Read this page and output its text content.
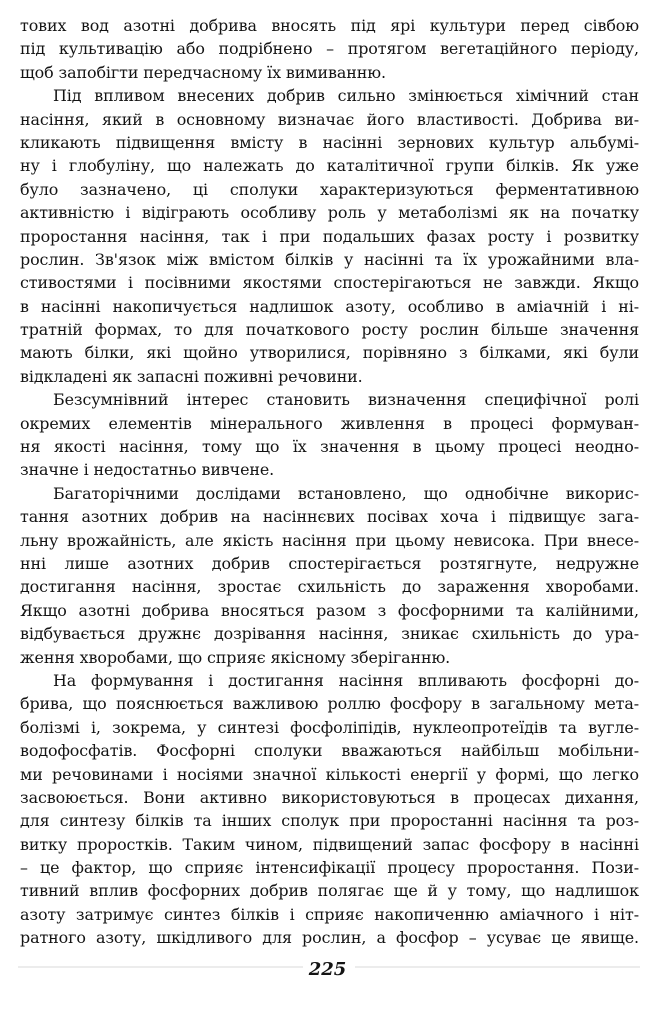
тових вод азотні добрива вносять під ярі культури перед сівбою
під культивацію або подрібнено – протягом вегетаційного періоду,
щоб запобігти передчасному їх вимиванню.
Під впливом внесених добрив сильно змінюється хімічний стан
насіння, який в основному визначає його властивості. Добрива ви-
кликають підвищення вмісту в насінні зернових культур альбумі-
ну і глобуліну, що належать до каталітичної групи білків. Як уже
було зазначено, ці сполуки характеризуються ферментативною
активністю і відіграють особливу роль у метаболізмі як на початку
проростання насіння, так і при подальших фазах росту і розвитку
рослин. Зв'язок між вмістом білків у насінні та їх урожайними вла-
стивостями і посівними якостями спостерігаються не завжди. Якщо
в насінні накопичується надлишок азоту, особливо в аміачній і ні-
тратній формах, то для початкового росту рослин більше значення
мають білки, які щойно утворилися, порівняно з білками, які були
відкладені як запасні поживні речовини.
Безсумнівний інтерес становить визначення специфічної ролі
окремих елементів мінерального живлення в процесі формуван-
ня якості насіння, тому що їх значення в цьому процесі неодно-
значне і недостатньо вивчене.
Багаторічними дослідами встановлено, що однобічне викорис-
тання азотних добрив на насіннєвих посівах хоча і підвищує зага-
льну врожайність, але якість насіння при цьому невисока. При внесе-
нні лише азотних добрив спостерігається розтягнуте, недружне
достигання насіння, зростає схильність до зараження хворобами.
Якщо азотні добрива вносяться разом з фосфорними та калійними,
відбувається дружнє дозрівання насіння, зникає схильність до ура-
ження хворобами, що сприяє якісному зберіганню.
На формування і достигання насіння впливають фосфорні до-
брива, що пояснюється важливою роллю фосфору в загальному мета-
болізмі і, зокрема, у синтезі фосфоліпідів, нуклеопротеїдів та вугле-
водофосфатів. Фосфорні сполуки вважаються найбільш мобільни-
ми речовинами і носіями значної кількості енергії у формі, що легко
засвоюється. Вони активно використовуються в процесах дихання,
для синтезу білків та інших сполук при проростанні насіння та роз-
витку проростків. Таким чином, підвищений запас фосфору в насінні
– це фактор, що сприяє інтенсифікації процесу проростання. Пози-
тивний вплив фосфорних добрив полягає ще й у тому, що надлишок
азоту затримує синтез білків і сприяє накопиченню аміачного і ніт-
ратного азоту, шкідливого для рослин, а фосфор – усуває це явище.
225
